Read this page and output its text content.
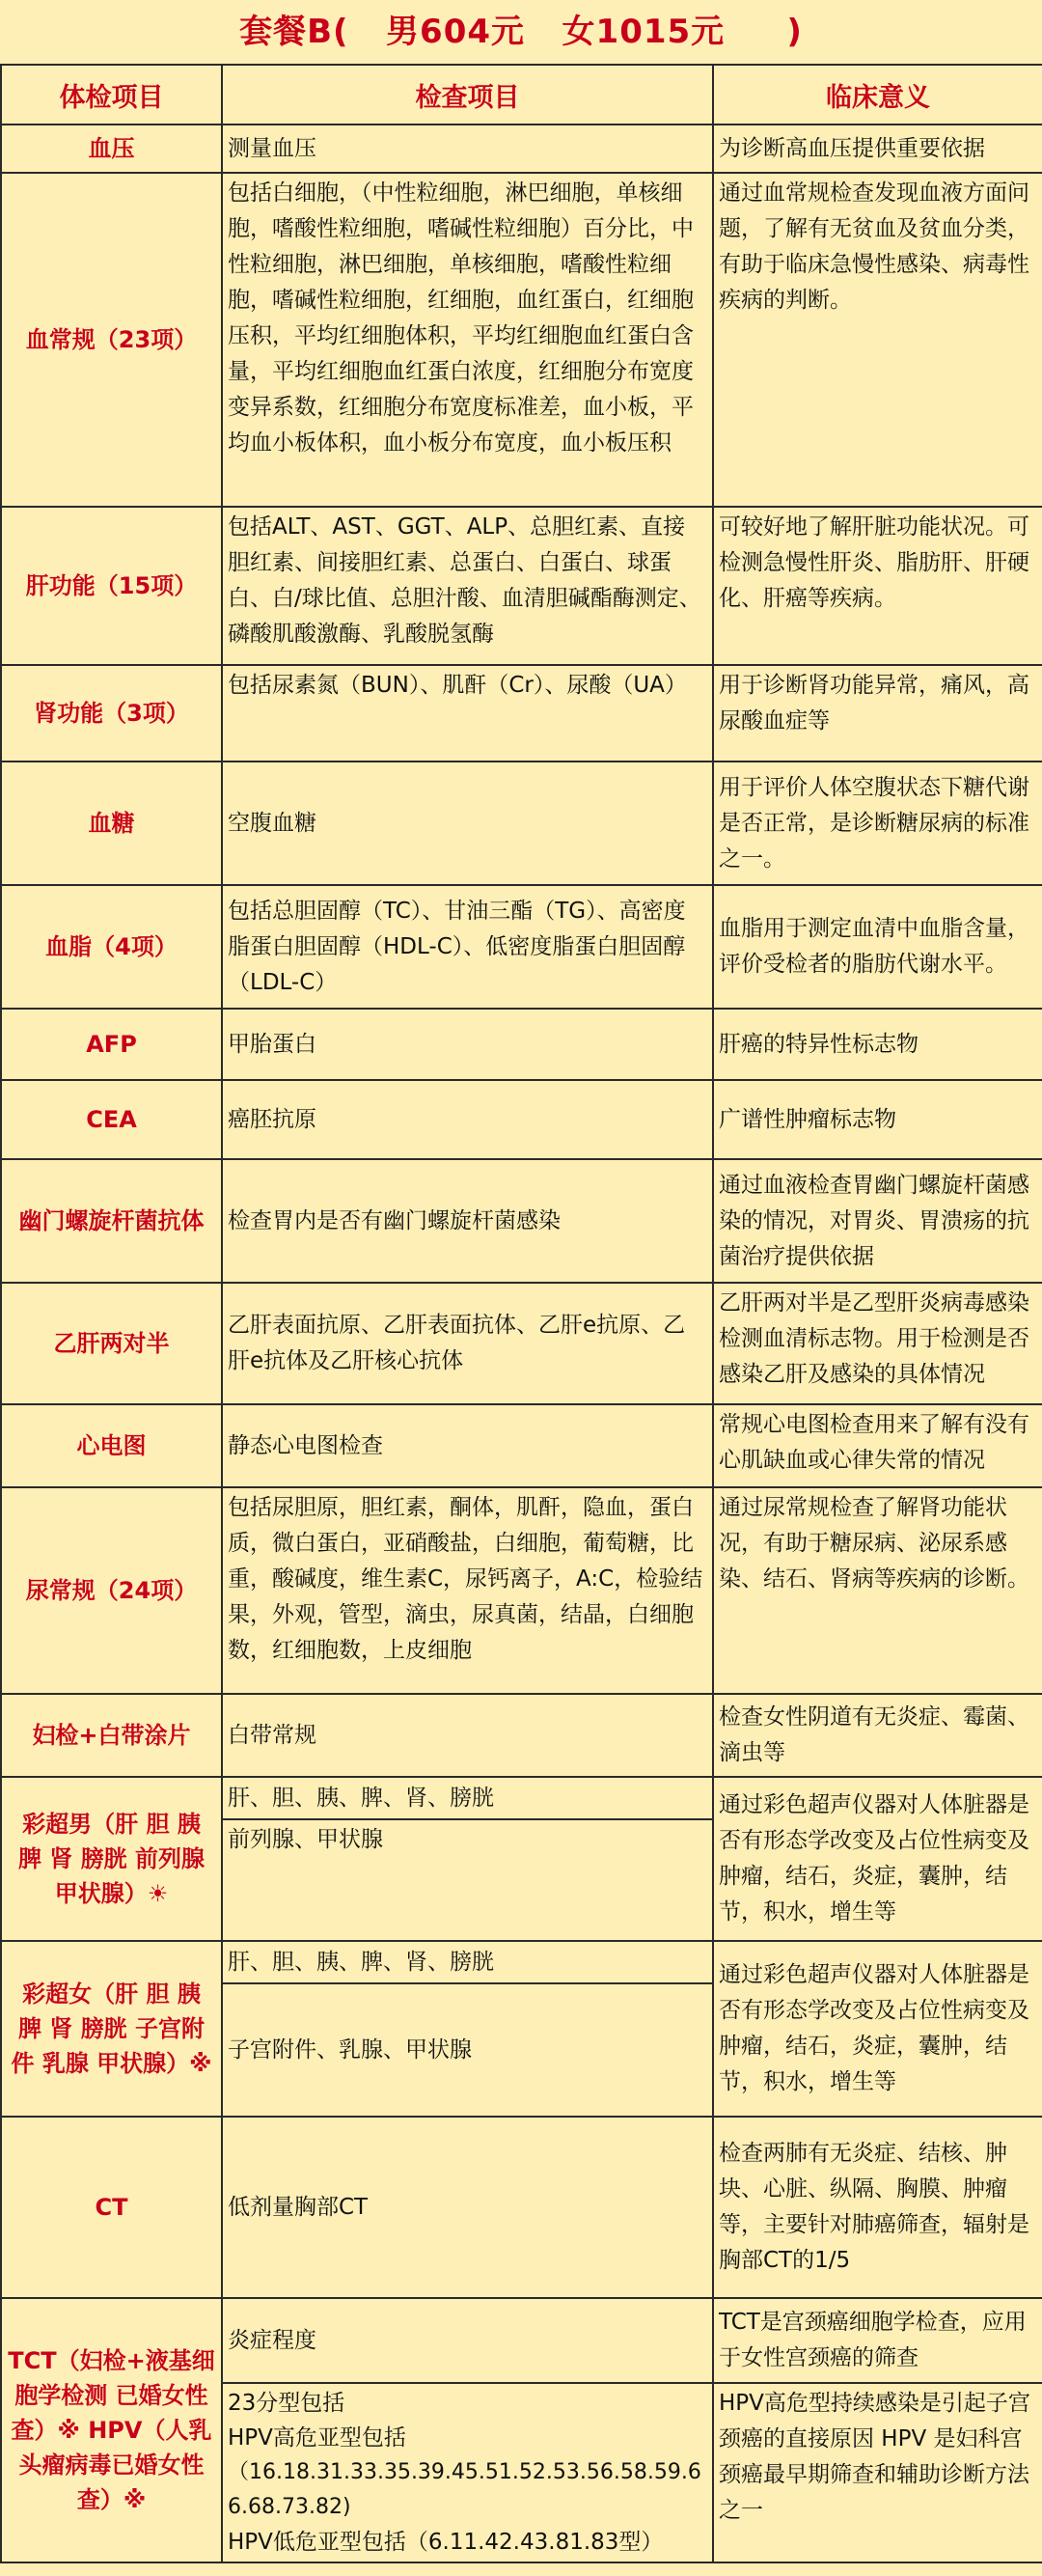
套餐B(   男604元   女1015元     )
体检项目	检查项目	临床意义
血压	测量血压	为诊断高血压提供重要依据
血常规（23项）	包括白细胞，（中性粒细胞，淋巴细胞，单核细胞，嗜酸性粒细胞，嗜碱性粒细胞）百分比，中性粒细胞，淋巴细胞，单核细胞，嗜酸性粒细胞，嗜碱性粒细胞，红细胞，血红蛋白，红细胞压积，平均红细胞体积，平均红细胞血红蛋白含量，平均红细胞血红蛋白浓度，红细胞分布宽度变异系数，红细胞分布宽度标准差，血小板，平均血小板体积，血小板分布宽度，血小板压积	通过血常规检查发现血液方面问题，了解有无贫血及贫血分类，有助于临床急慢性感染、病毒性疾病的判断。
肝功能（15项）	包括ALT、AST、GGT、ALP、总胆红素、直接胆红素、间接胆红素、总蛋白、白蛋白、球蛋白、白/球比值、总胆汁酸、血清胆碱酯酶测定、磷酸肌酸激酶、乳酸脱氢酶	可较好地了解肝脏功能状况。可检测急慢性肝炎、脂肪肝、肝硬化、肝癌等疾病。
肾功能（3项）	包括尿素氮（BUN）、肌酐（Cr）、尿酸（UA）	用于诊断肾功能异常，痛风，高尿酸血症等
血糖	空腹血糖	用于评价人体空腹状态下糖代谢是否正常，是诊断糖尿病的标准之一。
血脂（4项）	包括总胆固醇（TC）、甘油三酯（TG）、高密度脂蛋白胆固醇（HDL-C）、低密度脂蛋白胆固醇（LDL-C）	血脂用于测定血清中血脂含量，评价受检者的脂肪代谢水平。
AFP	甲胎蛋白	肝癌的特异性标志物
CEA	癌胚抗原	广谱性肿瘤标志物
幽门螺旋杆菌抗体	检查胃内是否有幽门螺旋杆菌感染	通过血液检查胃幽门螺旋杆菌感染的情况，对胃炎、胃溃疡的抗菌治疗提供依据
乙肝两对半	乙肝表面抗原、乙肝表面抗体、乙肝e抗原、乙肝e抗体及乙肝核心抗体	乙肝两对半是乙型肝炎病毒感染检测血清标志物。用于检测是否感染乙肝及感染的具体情况

心电图	静态心电图检查	常规心电图检查用来了解有没有心肌缺血或心律失常的情况
尿常规（24项）	包括尿胆原，胆红素，酮体，肌酐，隐血，蛋白质，微白蛋白，亚硝酸盐，白细胞，葡萄糖，比重，酸碱度，维生素C，尿钙离子，A:C，检验结果，外观，管型，滴虫，尿真菌，结晶，白细胞数，红细胞数，上皮细胞	通过尿常规检查了解肾功能状况，有助于糖尿病、泌尿系感染、结石、肾病等疾病的诊断。
妇检+白带涂片	白带常规	检查女性阴道有无炎症、霉菌、滴虫等
彩超男（肝 胆 胰 脾 肾 膀胱 前列腺 甲状腺）☀	肝、胆、胰、脾、肾、膀胱	通过彩色超声仪器对人体脏器是否有形态学改变及占位性病变及肿瘤，结石，炎症，囊肿，结节，积水，增生等
	前列腺、甲状腺	
彩超女（肝 胆 胰 脾 肾 膀胱 子宫附件 乳腺 甲状腺）※	肝、胆、胰、脾、肾、膀胱	通过彩色超声仪器对人体脏器是否有形态学改变及占位性病变及肿瘤，结石，炎症，囊肿，结节，积水，增生等
	子宫附件、乳腺、甲状腺	
CT	低剂量胸部CT	检查两肺有无炎症、结核、肿块、心脏、纵隔、胸膜、肿瘤等，主要针对肺癌筛查，辐射是胸部CT的1/5
TCT（妇检+液基细胞学检测 已婚女性查）※ HPV（人乳头瘤病毒已婚女性查）※	炎症程度	TCT是宫颈癌细胞学检查，应用于女性宫颈癌的筛查

	23分型包括
HPV高危亚型包括
（16.18.31.33.35.39.45.51.52.53.56.58.59.66.68.73.82)
HPV低危亚型包括（6.11.42.43.81.83型）	HPV高危型持续感染是引起子宫颈癌的直接原因 HPV 是妇科宫颈癌最早期筛查和辅助诊断方法之一
